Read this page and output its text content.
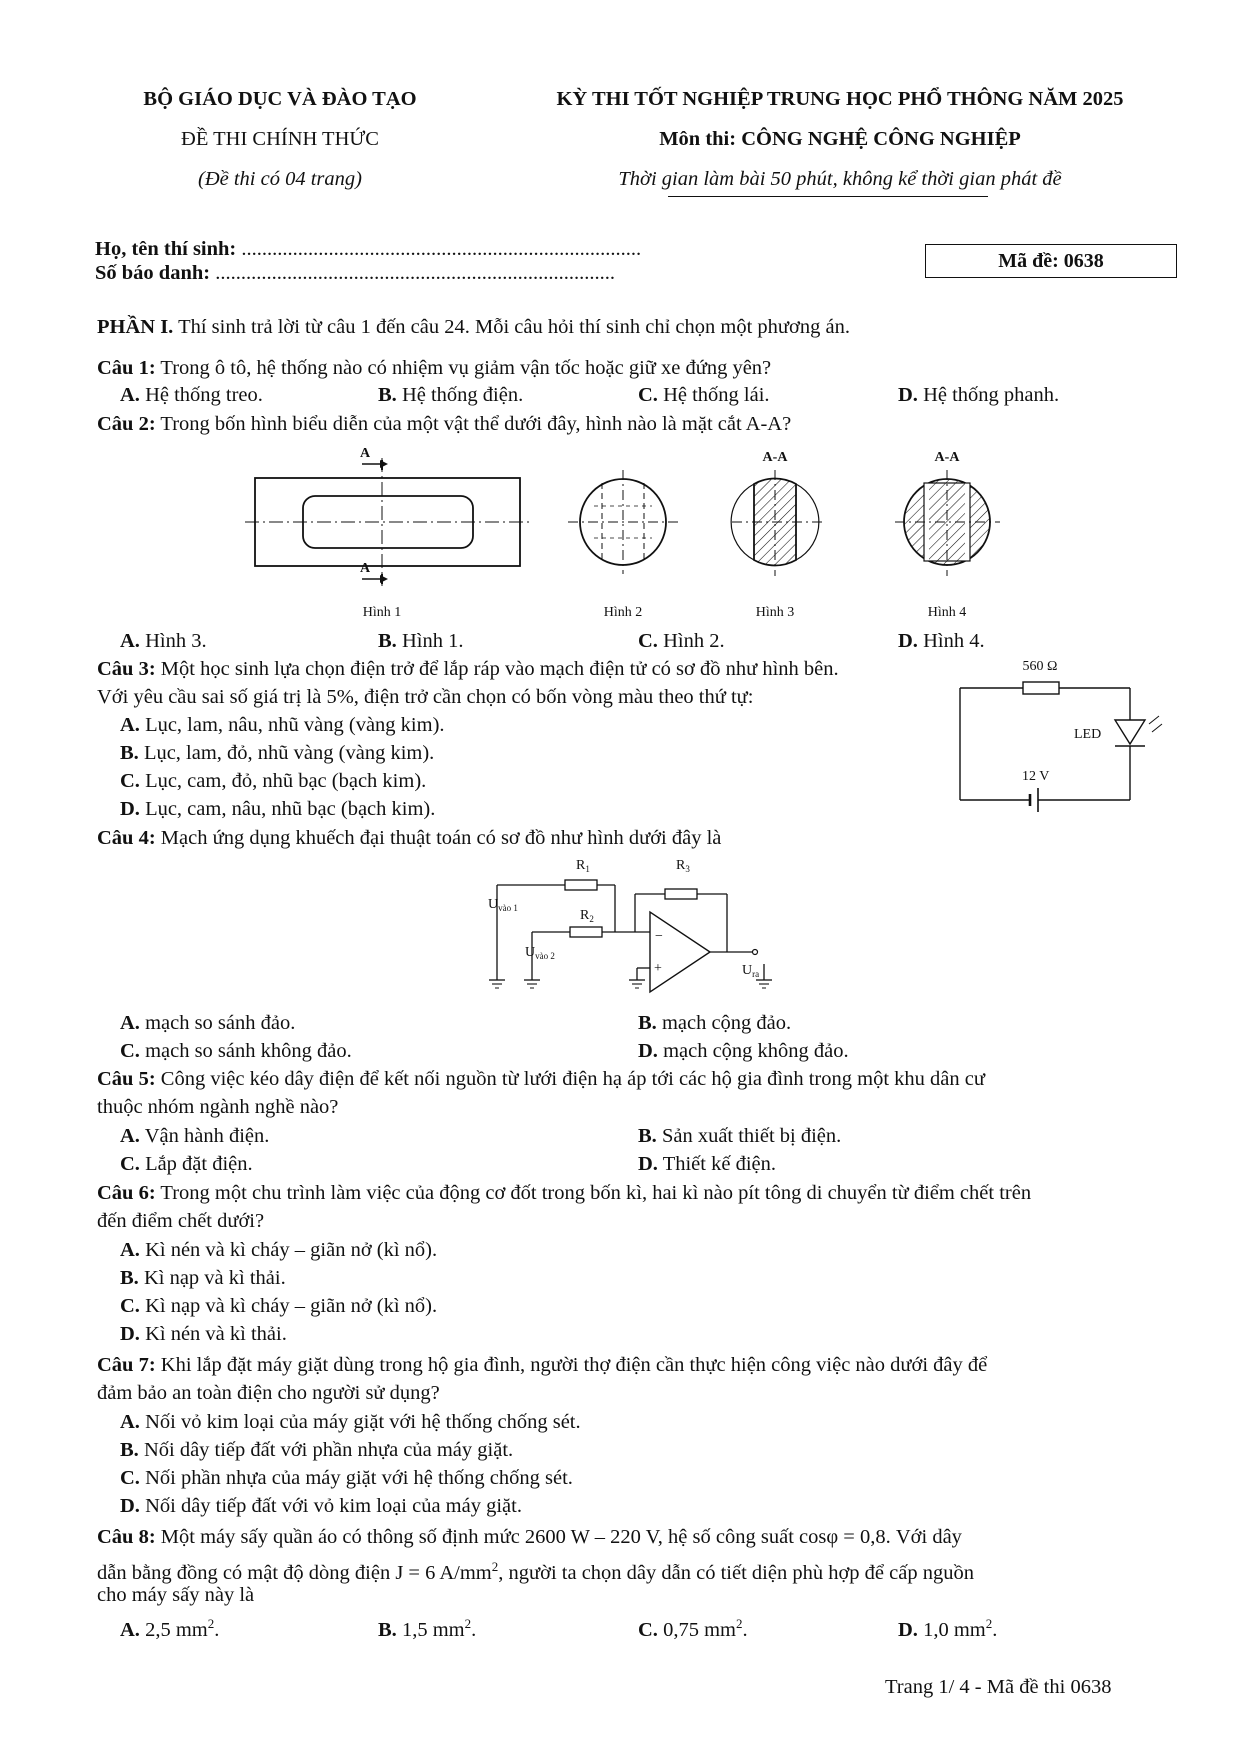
BỘ GIÁO DỤC VÀ ĐÀO TẠO
ĐỀ THI CHÍNH THỨC
(Đề thi có 04 trang)
KỲ THI TỐT NGHIỆP TRUNG HỌC PHỔ THÔNG NĂM 2025
Môn thi: CÔNG NGHỆ CÔNG NGHIỆP
Thời gian làm bài 50 phút, không kể thời gian phát đề
Họ, tên thí sinh: ..............................................................................
Số báo danh: ..............................................................................
Mã đề: 0638
PHẦN I. Thí sinh trả lời từ câu 1 đến câu 24. Mỗi câu hỏi thí sinh chỉ chọn một phương án.
Câu 1: Trong ô tô, hệ thống nào có nhiệm vụ giảm vận tốc hoặc giữ xe đứng yên?
A. Hệ thống treo.	B. Hệ thống điện.	C. Hệ thống lái.	D. Hệ thống phanh.
Câu 2: Trong bốn hình biểu diễn của một vật thể dưới đây, hình nào là mặt cắt A-A?
A
A
A-A	A-A
Hình 1	Hình 2	Hình 3	Hình 4
A. Hình 3.	B. Hình 1.	C. Hình 2.	D. Hình 4.
Câu 3: Một học sinh lựa chọn điện trở để lắp ráp vào mạch điện tử có sơ đồ như hình bên.
Với yêu cầu sai số giá trị là 5%, điện trở cần chọn có bốn vòng màu theo thứ tự:
A. Lục, lam, nâu, nhũ vàng (vàng kim).
B. Lục, lam, đỏ, nhũ vàng (vàng kim).
C. Lục, cam, đỏ, nhũ bạc (bạch kim).
D. Lục, cam, nâu, nhũ bạc (bạch kim).
560 Ω
LED
12 V
Câu 4: Mạch ứng dụng khuếch đại thuật toán có sơ đồ như hình dưới đây là
$R_1$	$R_3$
$R_2$
$U_{vào 1}$
$U_{vào 2}$
−
+	$U_{ra}$
A. mạch so sánh đảo.	B. mạch cộng đảo.
C. mạch so sánh không đảo.	D. mạch cộng không đảo.
Câu 5: Công việc kéo dây điện để kết nối nguồn từ lưới điện hạ áp tới các hộ gia đình trong một khu dân cư
thuộc nhóm ngành nghề nào?
A. Vận hành điện.	B. Sản xuất thiết bị điện.
C. Lắp đặt điện.	D. Thiết kế điện.
Câu 6: Trong một chu trình làm việc của động cơ đốt trong bốn kì, hai kì nào pít tông di chuyển từ điểm chết trên
đến điểm chết dưới?
A. Kì nén và kì cháy – giãn nở (kì nổ).
B. Kì nạp và kì thải.
C. Kì nạp và kì cháy – giãn nở (kì nổ).
D. Kì nén và kì thải.
Câu 7: Khi lắp đặt máy giặt dùng trong hộ gia đình, người thợ điện cần thực hiện công việc nào dưới đây để
đảm bảo an toàn điện cho người sử dụng?
A. Nối vỏ kim loại của máy giặt với hệ thống chống sét.
B. Nối dây tiếp đất với phần nhựa của máy giặt.
C. Nối phần nhựa của máy giặt với hệ thống chống sét.
D. Nối dây tiếp đất với vỏ kim loại của máy giặt.
Câu 8: Một máy sấy quần áo có thông số định mức 2600 W – 220 V, hệ số công suất cosφ = 0,8. Với dây
dẫn bằng đồng có mật độ dòng điện J = 6 $A/mm^2$, người ta chọn dây dẫn có tiết diện phù hợp để cấp nguồn
cho máy sấy này là
A. 2,5 $mm^2$.	B. 1,5 $mm^2$.	C. 0,75 $mm^2$.	D. 1,0 $mm^2$.
Trang 1/ 4 - Mã đề thi 0638
